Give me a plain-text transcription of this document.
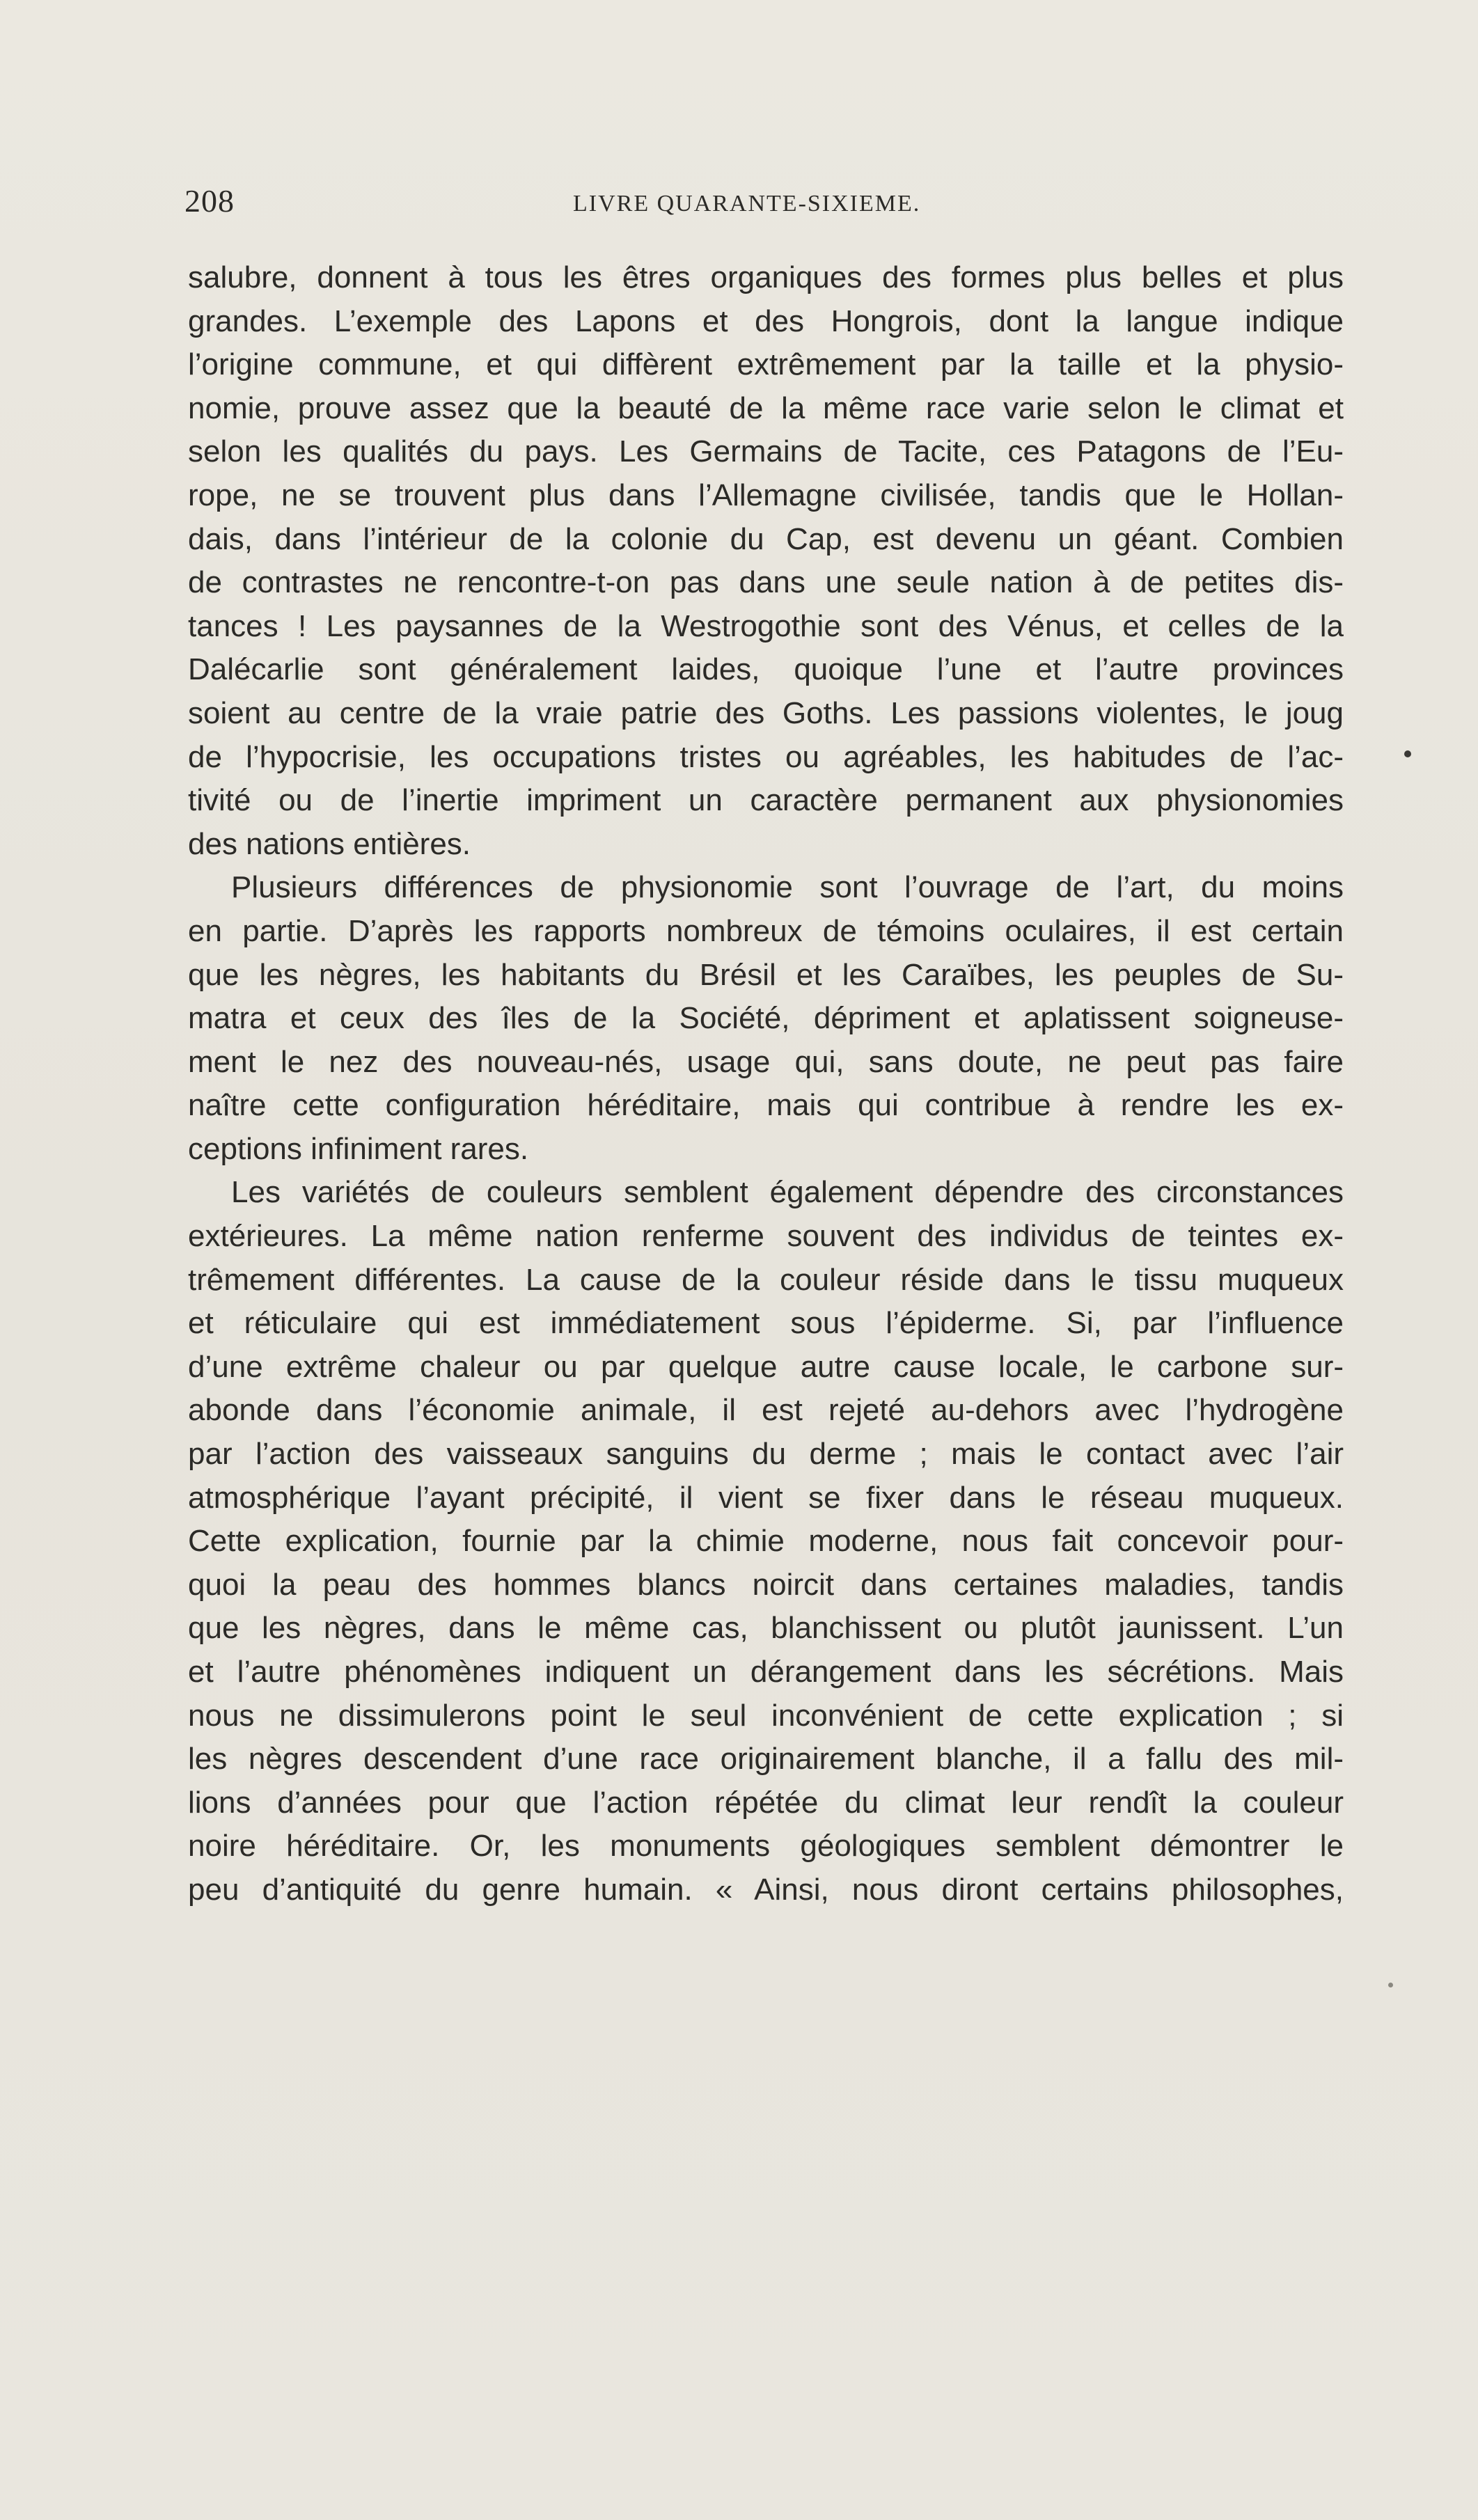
208	LIVRE QUARANTE-SIXIEME.
salubre, donnent à tous les êtres organiques des formes plus belles et plus
grandes. L’exemple des Lapons et des Hongrois, dont la langue indique
l’origine commune, et qui diffèrent extrêmement par la taille et la physio-
nomie, prouve assez que la beauté de la même race varie selon le climat et
selon les qualités du pays. Les Germains de Tacite, ces Patagons de l’Eu-
rope, ne se trouvent plus dans l’Allemagne civilisée, tandis que le Hollan-
dais, dans l’intérieur de la colonie du Cap, est devenu un géant. Combien
de contrastes ne rencontre-t-on pas dans une seule nation à de petites dis-
tances ! Les paysannes de la Westrogothie sont des Vénus, et celles de la
Dalécarlie sont généralement laides, quoique l’une et l’autre provinces
soient au centre de la vraie patrie des Goths. Les passions violentes, le joug
de l’hypocrisie, les occupations tristes ou agréables, les habitudes de l’ac-
tivité ou de l’inertie impriment un caractère permanent aux physionomies
des nations entières.
Plusieurs différences de physionomie sont l’ouvrage de l’art, du moins
en partie. D’après les rapports nombreux de témoins oculaires, il est certain
que les nègres, les habitants du Brésil et les Caraïbes, les peuples de Su-
matra et ceux des îles de la Société, dépriment et aplatissent soigneuse-
ment le nez des nouveau-nés, usage qui, sans doute, ne peut pas faire
naître cette configuration héréditaire, mais qui contribue à rendre les ex-
ceptions infiniment rares.
Les variétés de couleurs semblent également dépendre des circonstances
extérieures. La même nation renferme souvent des individus de teintes ex-
trêmement différentes. La cause de la couleur réside dans le tissu muqueux
et réticulaire qui est immédiatement sous l’épiderme. Si, par l’influence
d’une extrême chaleur ou par quelque autre cause locale, le carbone sur-
abonde dans l’économie animale, il est rejeté au-dehors avec l’hydrogène
par l’action des vaisseaux sanguins du derme ; mais le contact avec l’air
atmosphérique l’ayant précipité, il vient se fixer dans le réseau muqueux.
Cette explication, fournie par la chimie moderne, nous fait concevoir pour-
quoi la peau des hommes blancs noircit dans certaines maladies, tandis
que les nègres, dans le même cas, blanchissent ou plutôt jaunissent. L’un
et l’autre phénomènes indiquent un dérangement dans les sécrétions. Mais
nous ne dissimulerons point le seul inconvénient de cette explication ; si
les nègres descendent d’une race originairement blanche, il a fallu des mil-
lions d’années pour que l’action répétée du climat leur rendît la couleur
noire héréditaire. Or, les monuments géologiques semblent démontrer le
peu d’antiquité du genre humain. « Ainsi, nous diront certains philosophes,
